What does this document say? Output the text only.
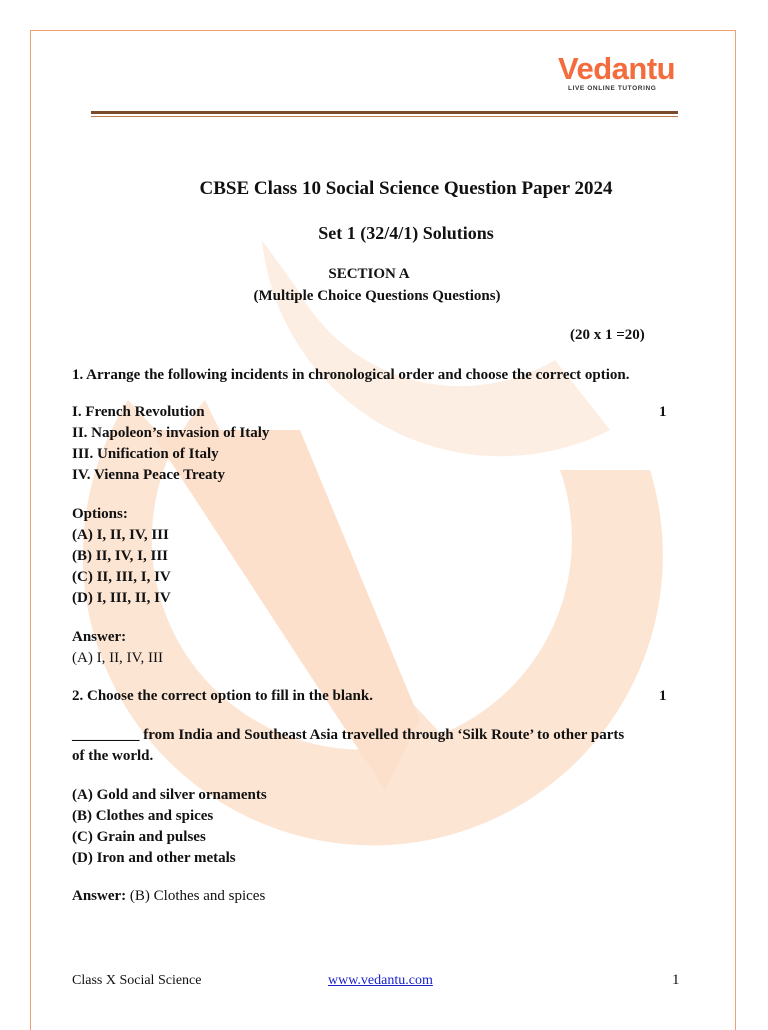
Vedantu
LIVE ONLINE TUTORING
CBSE Class 10 Social Science Question Paper 2024
Set 1 (32/4/1) Solutions
SECTION A
(Multiple Choice Questions Questions)
(20 x 1 =20)
1. Arrange the following incidents in chronological order and choose the correct option.
I. French Revolution	1
II. Napoleon’s invasion of Italy
III. Unification of Italy
IV. Vienna Peace Treaty
Options:
(A) I, II, IV, III
(B) II, IV, I, III
(C) II, III, I, IV
(D) I, III, II, IV
Answer:
(A) I, II, IV, III
2. Choose the correct option to fill in the blank.	1
_________ from India and Southeast Asia travelled through ‘Silk Route’ to other parts
of the world.
(A) Gold and silver ornaments
(B) Clothes and spices
(C) Grain and pulses
(D) Iron and other metals
Answer: (B) Clothes and spices
Class X Social Science	www.vedantu.com	1
